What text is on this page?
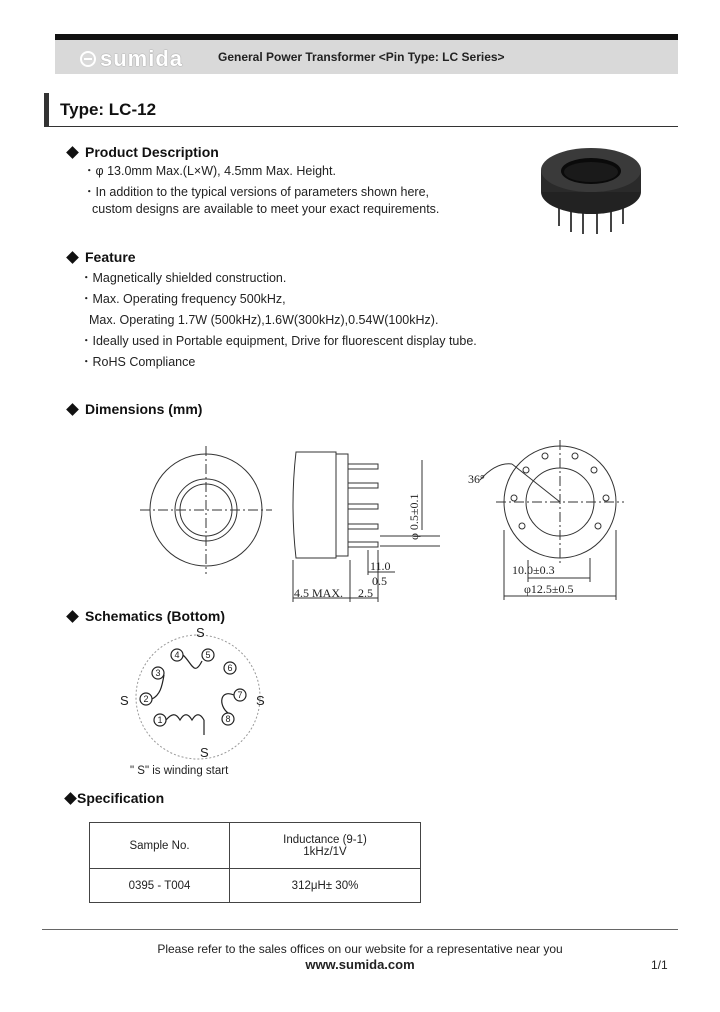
sumida	General Power Transformer <Pin Type: LC Series>
Type: LC-12
Product Description
・φ 13.0mm Max.(L×W), 4.5mm Max. Height.
・In addition to the typical versions of parameters shown here,
custom designs are available to meet your exact requirements.
Feature
・Magnetically shielded construction.
・Max. Operating frequency 500kHz,
Max. Operating 1.7W (500kHz),1.6W(300kHz),0.54W(100kHz).
・Ideally used in Portable equipment, Drive for fluorescent display tube.
・RoHS Compliance
Dimensions (mm)
4.5 MAX. 2.5
11.0
0.5
φ 0.5±0.1
36°
10.0±0.3
φ12.5±0.5
Schematics (Bottom)
1
2
3
4	5
6
7
8
S
S	S
S
" S" is winding start
Specification
Sample No.	Inductance (9-1)
1kHz/1V

0395 - T004	312μH± 30%
Please refer to the sales offices on our website for a representative near you
www.sumida.com	1/1
